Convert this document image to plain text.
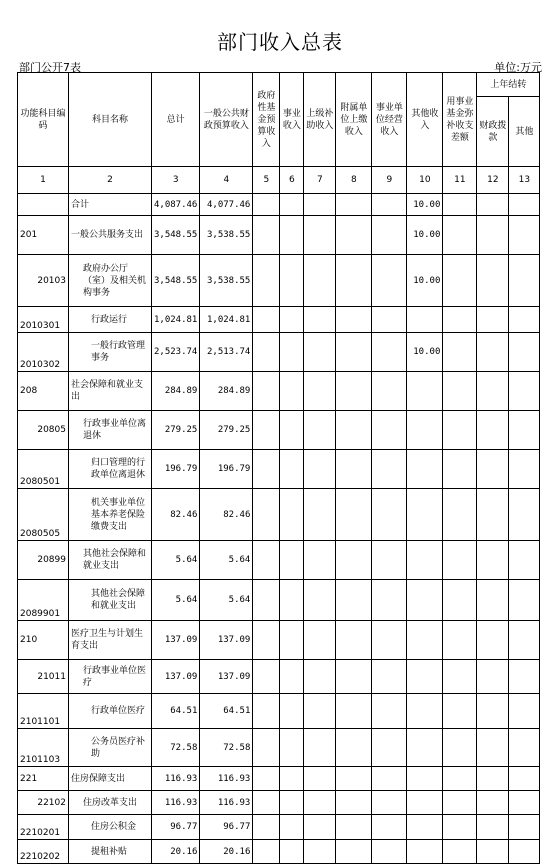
部门收入总表
部门公开7表	单位:万元
功能科目编码	科目名称	总计	一般公共财政预算收入	政府性基金预算收入	事业收入	上级补助收入	附属单位上缴收入	事业单位经营收入	其他收入	用事业基金弥补收支差额	上年结转	
											财政拨款	其他
1	2	3	4	5	6	7	8	9	10	11	12	13
	合计	4,087.46	4,077.46						10.00			
201	一般公共服务支出	3,548.55	3,538.55						10.00			
20103	政府办公厅（室）及相关机构事务	3,548.55	3,538.55						10.00			
2010301	行政运行	1,024.81	1,024.81									
2010302	一般行政管理事务	2,523.74	2,513.74						10.00			
208	社会保障和就业支出	284.89	284.89									
20805	行政事业单位离退休	279.25	279.25									
2080501	归口管理的行政单位离退休	196.79	196.79									
2080505	机关事业单位基本养老保险缴费支出	82.46	82.46									
20899	其他社会保障和就业支出	5.64	5.64									
2089901	其他社会保障和就业支出	5.64	5.64									
210	医疗卫生与计划生育支出	137.09	137.09									
21011	行政事业单位医疗	137.09	137.09									
2101101	行政单位医疗	64.51	64.51									
2101103	公务员医疗补助	72.58	72.58									
221	住房保障支出	116.93	116.93									
22102	住房改革支出	116.93	116.93									
2210201	住房公积金	96.77	96.77									
2210202	提租补贴	20.16	20.16									
